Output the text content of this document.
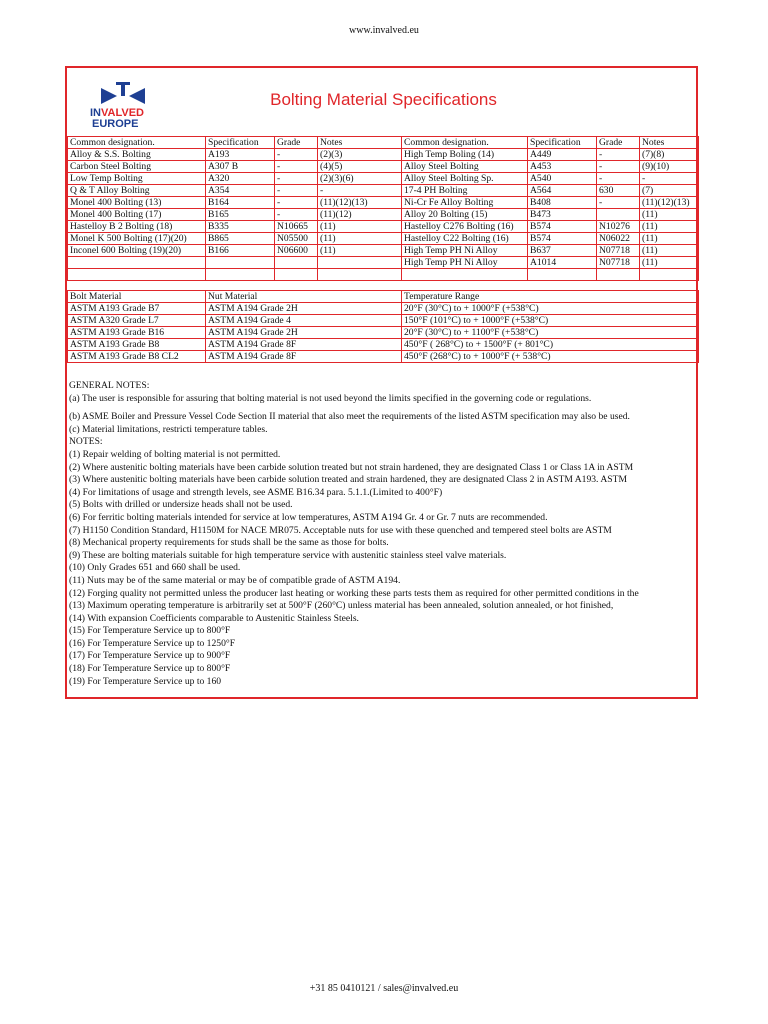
www.invalved.eu
INVALVED
EUROPE
Bolting Material Specifications
Common designation.	Specification	Grade	Notes	Common designation.	Specification	Grade	Notes
Alloy & S.S. Bolting	A193	-	(2)(3)	High Temp Boling (14)	A449	-	(7)(8)
Carbon Steel Bolting	A307 B	-	(4)(5)	Alloy Steel Bolting	A453	-	(9)(10)
Low Temp Bolting	A320	-	(2)(3)(6)	Alloy Steel Bolting Sp.	A540	-	-
Q & T Alloy Bolting	A354	-	-	17-4 PH Bolting	A564	630	(7)
Monel 400 Bolting (13)	B164	-	(11)(12)(13)	Ni-Cr Fe Alloy Bolting	B408	-	(11)(12)(13)
Monel 400 Bolting (17)	B165	-	(11)(12)	Alloy 20 Bolting (15)	B473		(11)
Hastelloy B 2 Bolting (18)	B335	N10665	(11)	Hastelloy C276 Bolting (16)	B574	N10276	(11)
Monel K 500 Bolting (17)(20)	B865	N05500	(11)	Hastelloy C22 Bolting (16)	B574	N06022	(11)
Inconel 600 Bolting (19)(20)	B166	N06600	(11)	High Temp PH Ni Alloy	B637	N07718	(11)
				High Temp PH Ni Alloy	A1014	N07718	(11)

Bolt Material	Nut Material	Temperature Range
ASTM A193 Grade B7	ASTM A194 Grade 2H	20°F (30°C) to + 1000°F (+538°C)
ASTM A320 Grade L7	ASTM A194 Grade 4	150°F (101°C) to + 1000°F (+538°C)
ASTM A193 Grade B16	ASTM A194 Grade 2H	20°F (30°C) to + 1100°F (+538°C)
ASTM A193 Grade B8	ASTM A194 Grade 8F	450°F ( 268°C) to + 1500°F (+ 801°C)
ASTM A193 Grade B8 CL2	ASTM A194 Grade 8F	450°F (268°C) to + 1000°F (+ 538°C)
GENERAL NOTES:
(a) The user is responsible for assuring that bolting material is not used beyond the limits specified in the governing code or regulations.
(b) ASME Boiler and Pressure Vessel Code Section II material that also meet the requirements of the listed ASTM specification may also be used.
(c) Material limitations, restricti temperature tables.
NOTES:
(1) Repair welding of bolting material is not permitted.
(2) Where austenitic bolting materials have been carbide solution treated but not strain hardened, they are designated Class 1 or Class 1A in ASTM
(3) Where austenitic bolting materials have been carbide solution treated and strain hardened, they are designated Class 2 in ASTM A193. ASTM
(4) For limitations of usage and strength levels, see ASME B16.34 para. 5.1.1.(Limited to 400°F)
(5) Bolts with drilled or undersize heads shall not be used.
(6) For ferritic bolting materials intended for service at low temperatures, ASTM A194 Gr. 4 or Gr. 7 nuts are recommended.
(7) H1150 Condition Standard, H1150M for NACE MR075. Acceptable nuts for use with these quenched and tempered steel bolts are ASTM
(8) Mechanical property requirements for studs shall be the same as those for bolts.
(9) These are bolting materials suitable for high temperature service with austenitic stainless steel valve materials.
(10) Only Grades 651 and 660 shall be used.
(11) Nuts may be of the same material or may be of compatible grade of ASTM A194.
(12) Forging quality not permitted unless the producer last heating or working these parts tests them as required for other permitted conditions in the
(13) Maximum operating temperature is arbitrarily set at 500°F (260°C) unless material has been annealed, solution annealed, or hot finished,
(14) With expansion Coefficients comparable to Austenitic Stainless Steels.
(15) For Temperature Service up to 800°F
(16) For Temperature Service up to 1250°F
(17) For Temperature Service up to 900°F
(18) For Temperature Service up to 800°F
(19) For Temperature Service up to 160
+31 85 0410121 / sales@invalved.eu
